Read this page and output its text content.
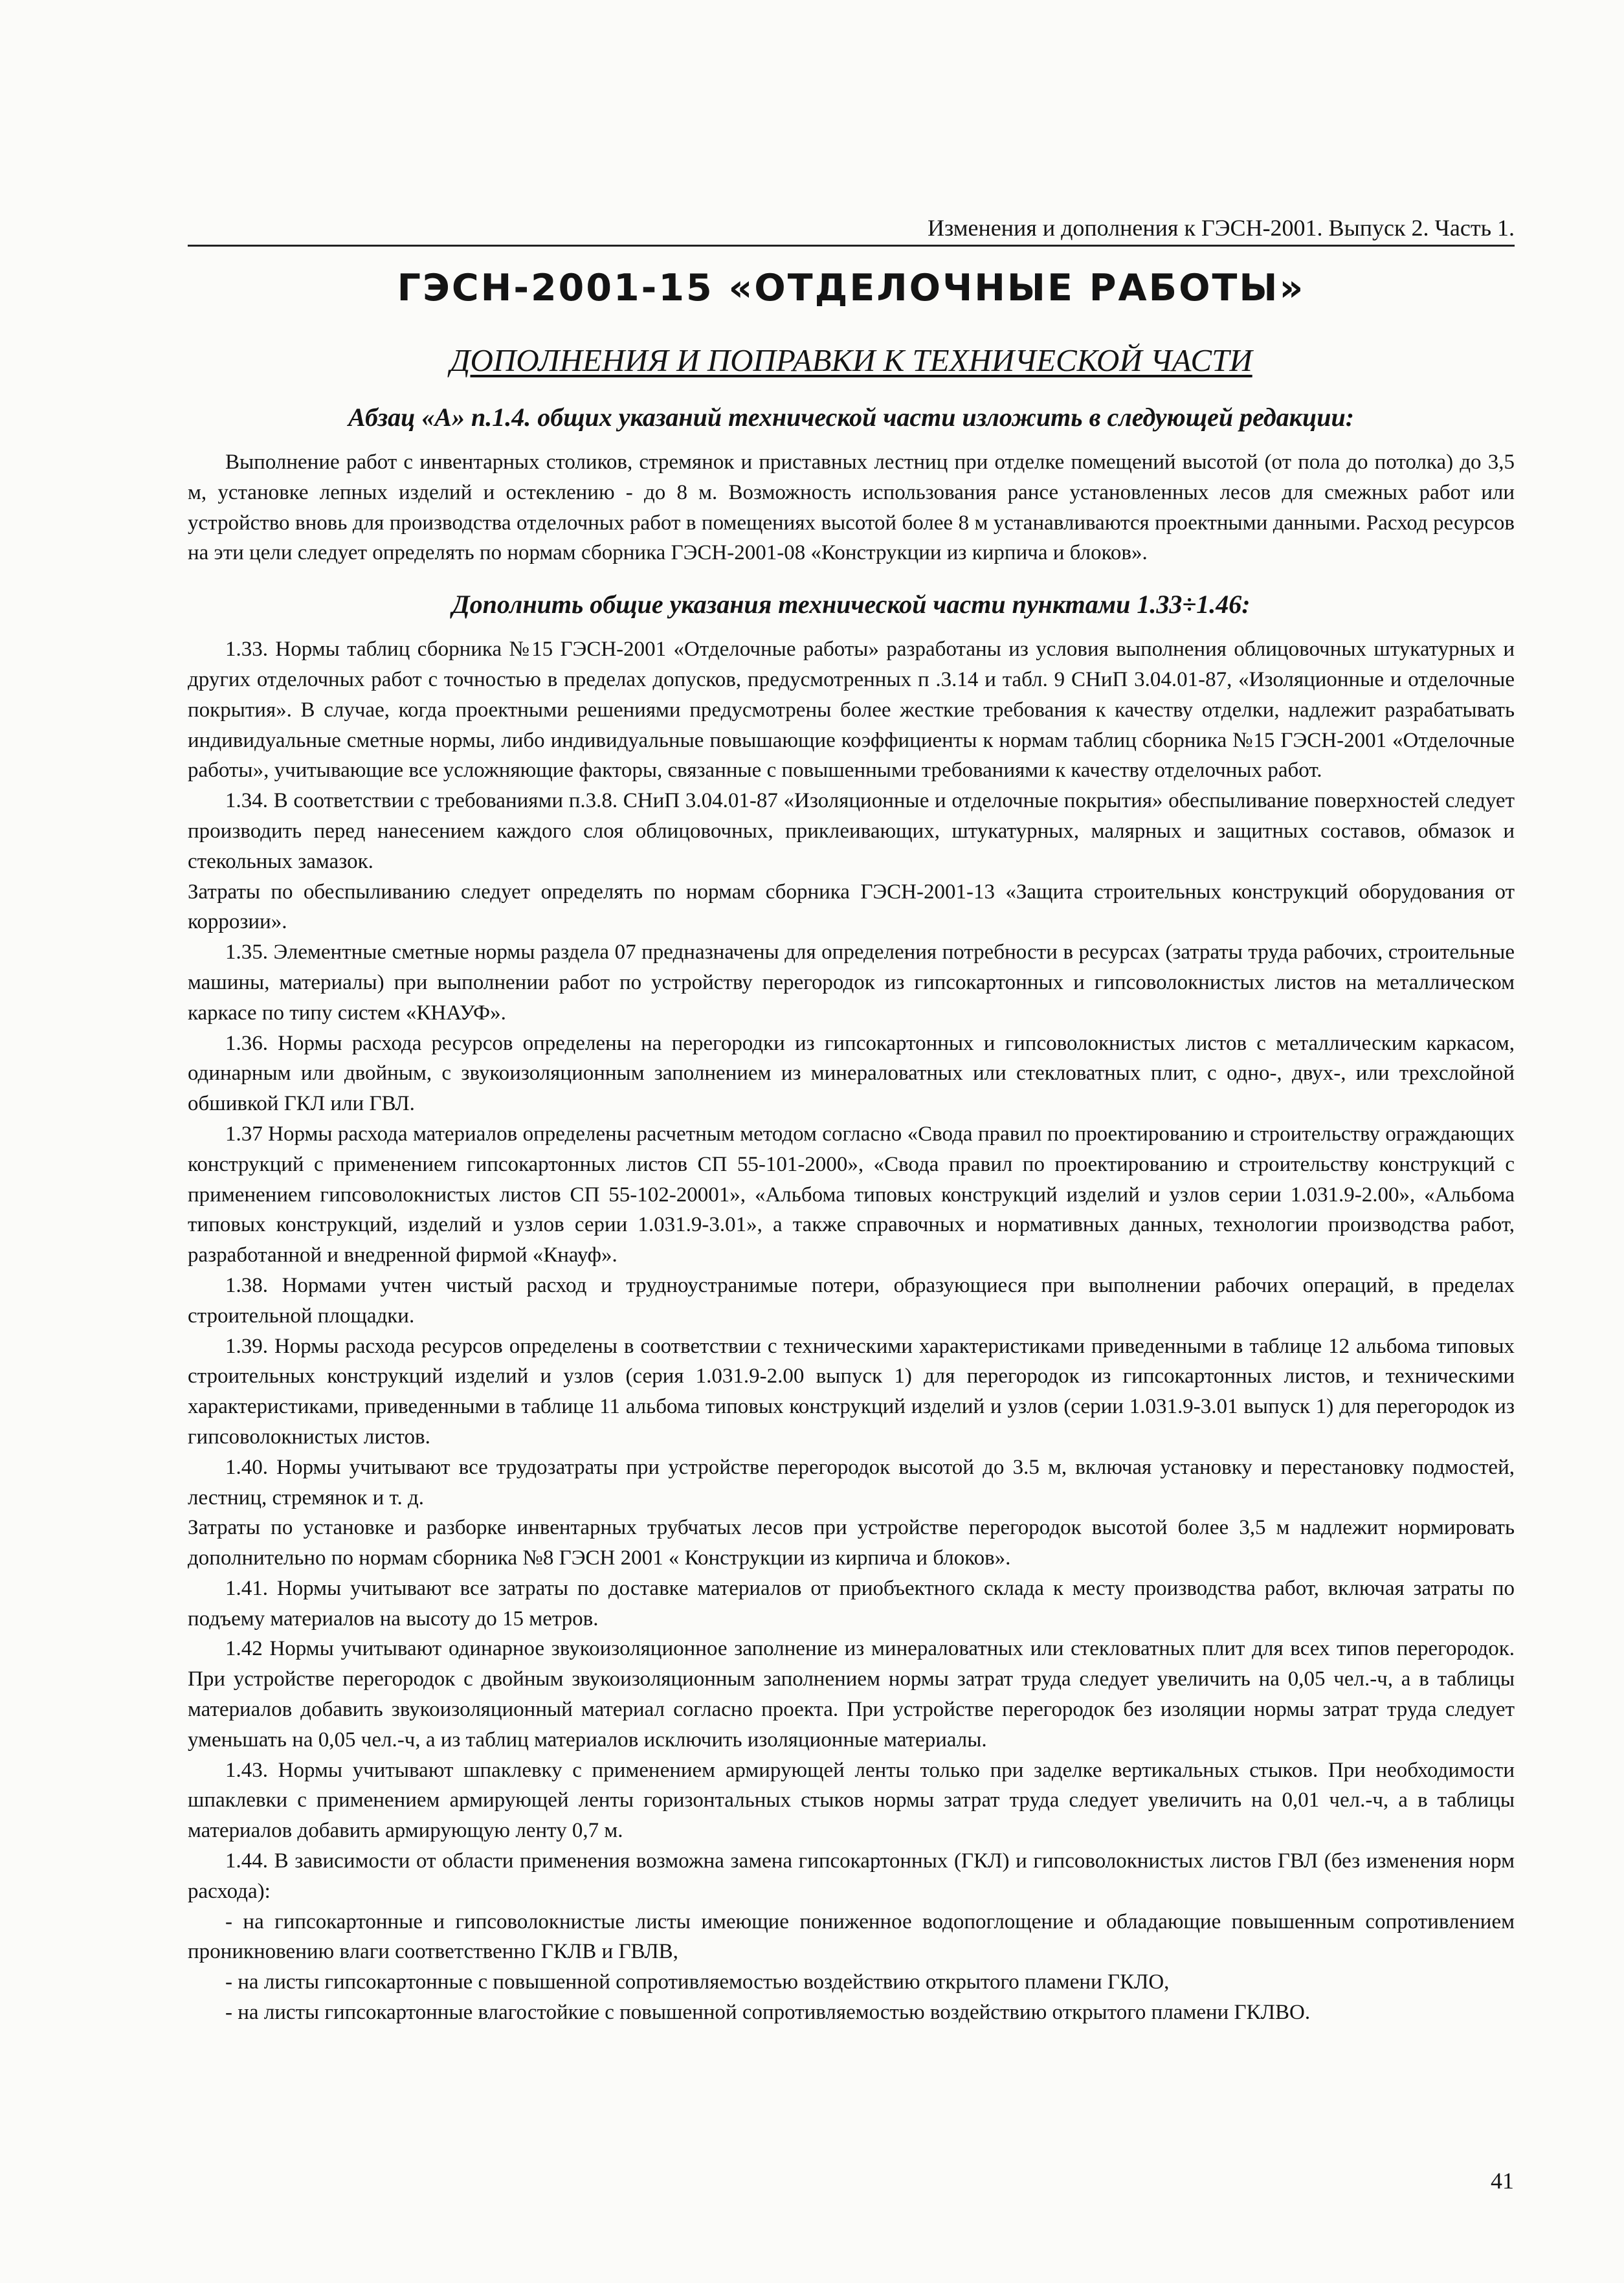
Изменения и дополнения к ГЭСН-2001. Выпуск 2. Часть 1.
ГЭСН-2001-15 «ОТДЕЛОЧНЫЕ РАБОТЫ»
ДОПОЛНЕНИЯ И ПОПРАВКИ К ТЕХНИЧЕСКОЙ ЧАСТИ
Абзац «А» п.1.4. общих указаний технической части изложить в следующей редакции:

Выполнение работ с инвентарных столиков, стремянок и приставных лестниц при отделке помещений высотой (от пола до потолка) до 3,5 м, установке лепных изделий и остеклению - до 8 м. Возможность использования рансе установленных лесов для смежных работ или устройство вновь для производства отделочных работ в помещениях высотой более 8 м устанавливаются проектными данными. Расход ресурсов на эти цели следует определять по нормам сборника ГЭСН-2001-08 «Конструкции из кирпича и блоков».

Дополнить общие указания технической части пунктами 1.33÷1.46:

1.33. Нормы таблиц сборника №15 ГЭСН-2001 «Отделочные работы» разработаны из условия выполнения облицовочных штукатурных и других отделочных работ с точностью в пределах допусков, предусмотренных п .3.14 и табл. 9 СНиП 3.04.01-87, «Изоляционные и отделочные покрытия». В случае, когда проектными решениями предусмотрены более жесткие требования к качеству отделки, надлежит разрабатывать индивидуальные сметные нормы, либо индивидуальные повышающие коэффициенты к нормам таблиц сборника №15 ГЭСН-2001 «Отделочные работы», учитывающие все усложняющие факторы, связанные с повышенными требованиями к качеству отделочных работ.

1.34. В соответствии с требованиями п.3.8. СНиП 3.04.01-87 «Изоляционные и отделочные покрытия» обеспыливание поверхностей следует производить перед нанесением каждого слоя облицовочных, приклеивающих, штукатурных, малярных и защитных составов, обмазок и стекольных замазок.

Затраты по обеспыливанию следует определять по нормам сборника ГЭСН-2001-13 «Защита строительных конструкций оборудования от коррозии».

1.35. Элементные сметные нормы раздела 07 предназначены для определения потребности в ресурсах (затраты труда рабочих, строительные машины, материалы) при выполнении работ по устройству перегородок из гипсокартонных и гипсоволокнистых листов на металлическом каркасе по типу систем «КНАУФ».

1.36. Нормы расхода ресурсов определены на перегородки из гипсокартонных и гипсоволокнистых листов с металлическим каркасом, одинарным или двойным, с звукоизоляционным заполнением из минераловатных или стекловатных плит, с одно-, двух-, или трехслойной обшивкой ГКЛ или ГВЛ.

1.37 Нормы расхода материалов определены расчетным методом согласно «Свода правил по проектированию и строительству ограждающих конструкций с применением гипсокартонных листов СП 55-101-2000», «Свода правил по проектированию и строительству конструкций с применением гипсоволокнистых листов СП 55-102-20001», «Альбома типовых конструкций изделий и узлов серии 1.031.9-2.00», «Альбома типовых конструкций, изделий и узлов серии 1.031.9-3.01», а также справочных и нормативных данных, технологии производства работ, разработанной и внедренной фирмой «Кнауф».

1.38. Нормами учтен чистый расход и трудноустранимые потери, образующиеся при выполнении рабочих операций, в пределах строительной площадки.

1.39. Нормы расхода ресурсов определены в соответствии с техническими характеристиками приведенными в таблице 12 альбома типовых строительных конструкций изделий и узлов (серия 1.031.9-2.00 выпуск 1) для перегородок из гипсокартонных листов, и техническими характеристиками, приведенными в таблице 11 альбома типовых конструкций изделий и узлов (серии 1.031.9-3.01 выпуск 1) для перегородок из гипсоволокнистых листов.

1.40. Нормы учитывают все трудозатраты при устройстве перегородок высотой до 3.5 м, включая установку и перестановку подмостей, лестниц, стремянок и т. д.

Затраты по установке и разборке инвентарных трубчатых лесов при устройстве перегородок высотой более 3,5 м надлежит нормировать дополнительно по нормам сборника №8 ГЭСН 2001 « Конструкции из кирпича и блоков».

1.41. Нормы учитывают все затраты по доставке материалов от приобъектного склада к месту производства работ, включая затраты по подъему материалов на высоту до 15 метров.

1.42 Нормы учитывают одинарное звукоизоляционное заполнение из минераловатных или стекловатных плит для всех типов перегородок. При устройстве перегородок с двойным звукоизоляционным заполнением нормы затрат труда следует увеличить на 0,05 чел.-ч, а в таблицы материалов добавить звукоизоляционный материал согласно проекта. При устройстве перегородок без изоляции нормы затрат труда следует уменьшать на 0,05 чел.-ч, а из таблиц материалов исключить изоляционные материалы.

1.43. Нормы учитывают шпаклевку с применением армирующей ленты только при заделке вертикальных стыков. При необходимости шпаклевки с применением армирующей ленты горизонтальных стыков нормы затрат труда следует увеличить на 0,01 чел.-ч, а в таблицы материалов добавить армирующую ленту 0,7 м.

1.44. В зависимости от области применения возможна замена гипсокартонных (ГКЛ) и гипсоволокнистых листов ГВЛ (без изменения норм расхода):

- на гипсокартонные и гипсоволокнистые листы имеющие пониженное водопоглощение и обладающие повышенным сопротивлением проникновению влаги соответственно ГКЛВ и ГВЛВ,

- на листы гипсокартонные с повышенной сопротивляемостью воздействию открытого пламени ГКЛО,

- на листы гипсокартонные влагостойкие с повышенной сопротивляемостью воздействию открытого пламени ГКЛВО.

41
